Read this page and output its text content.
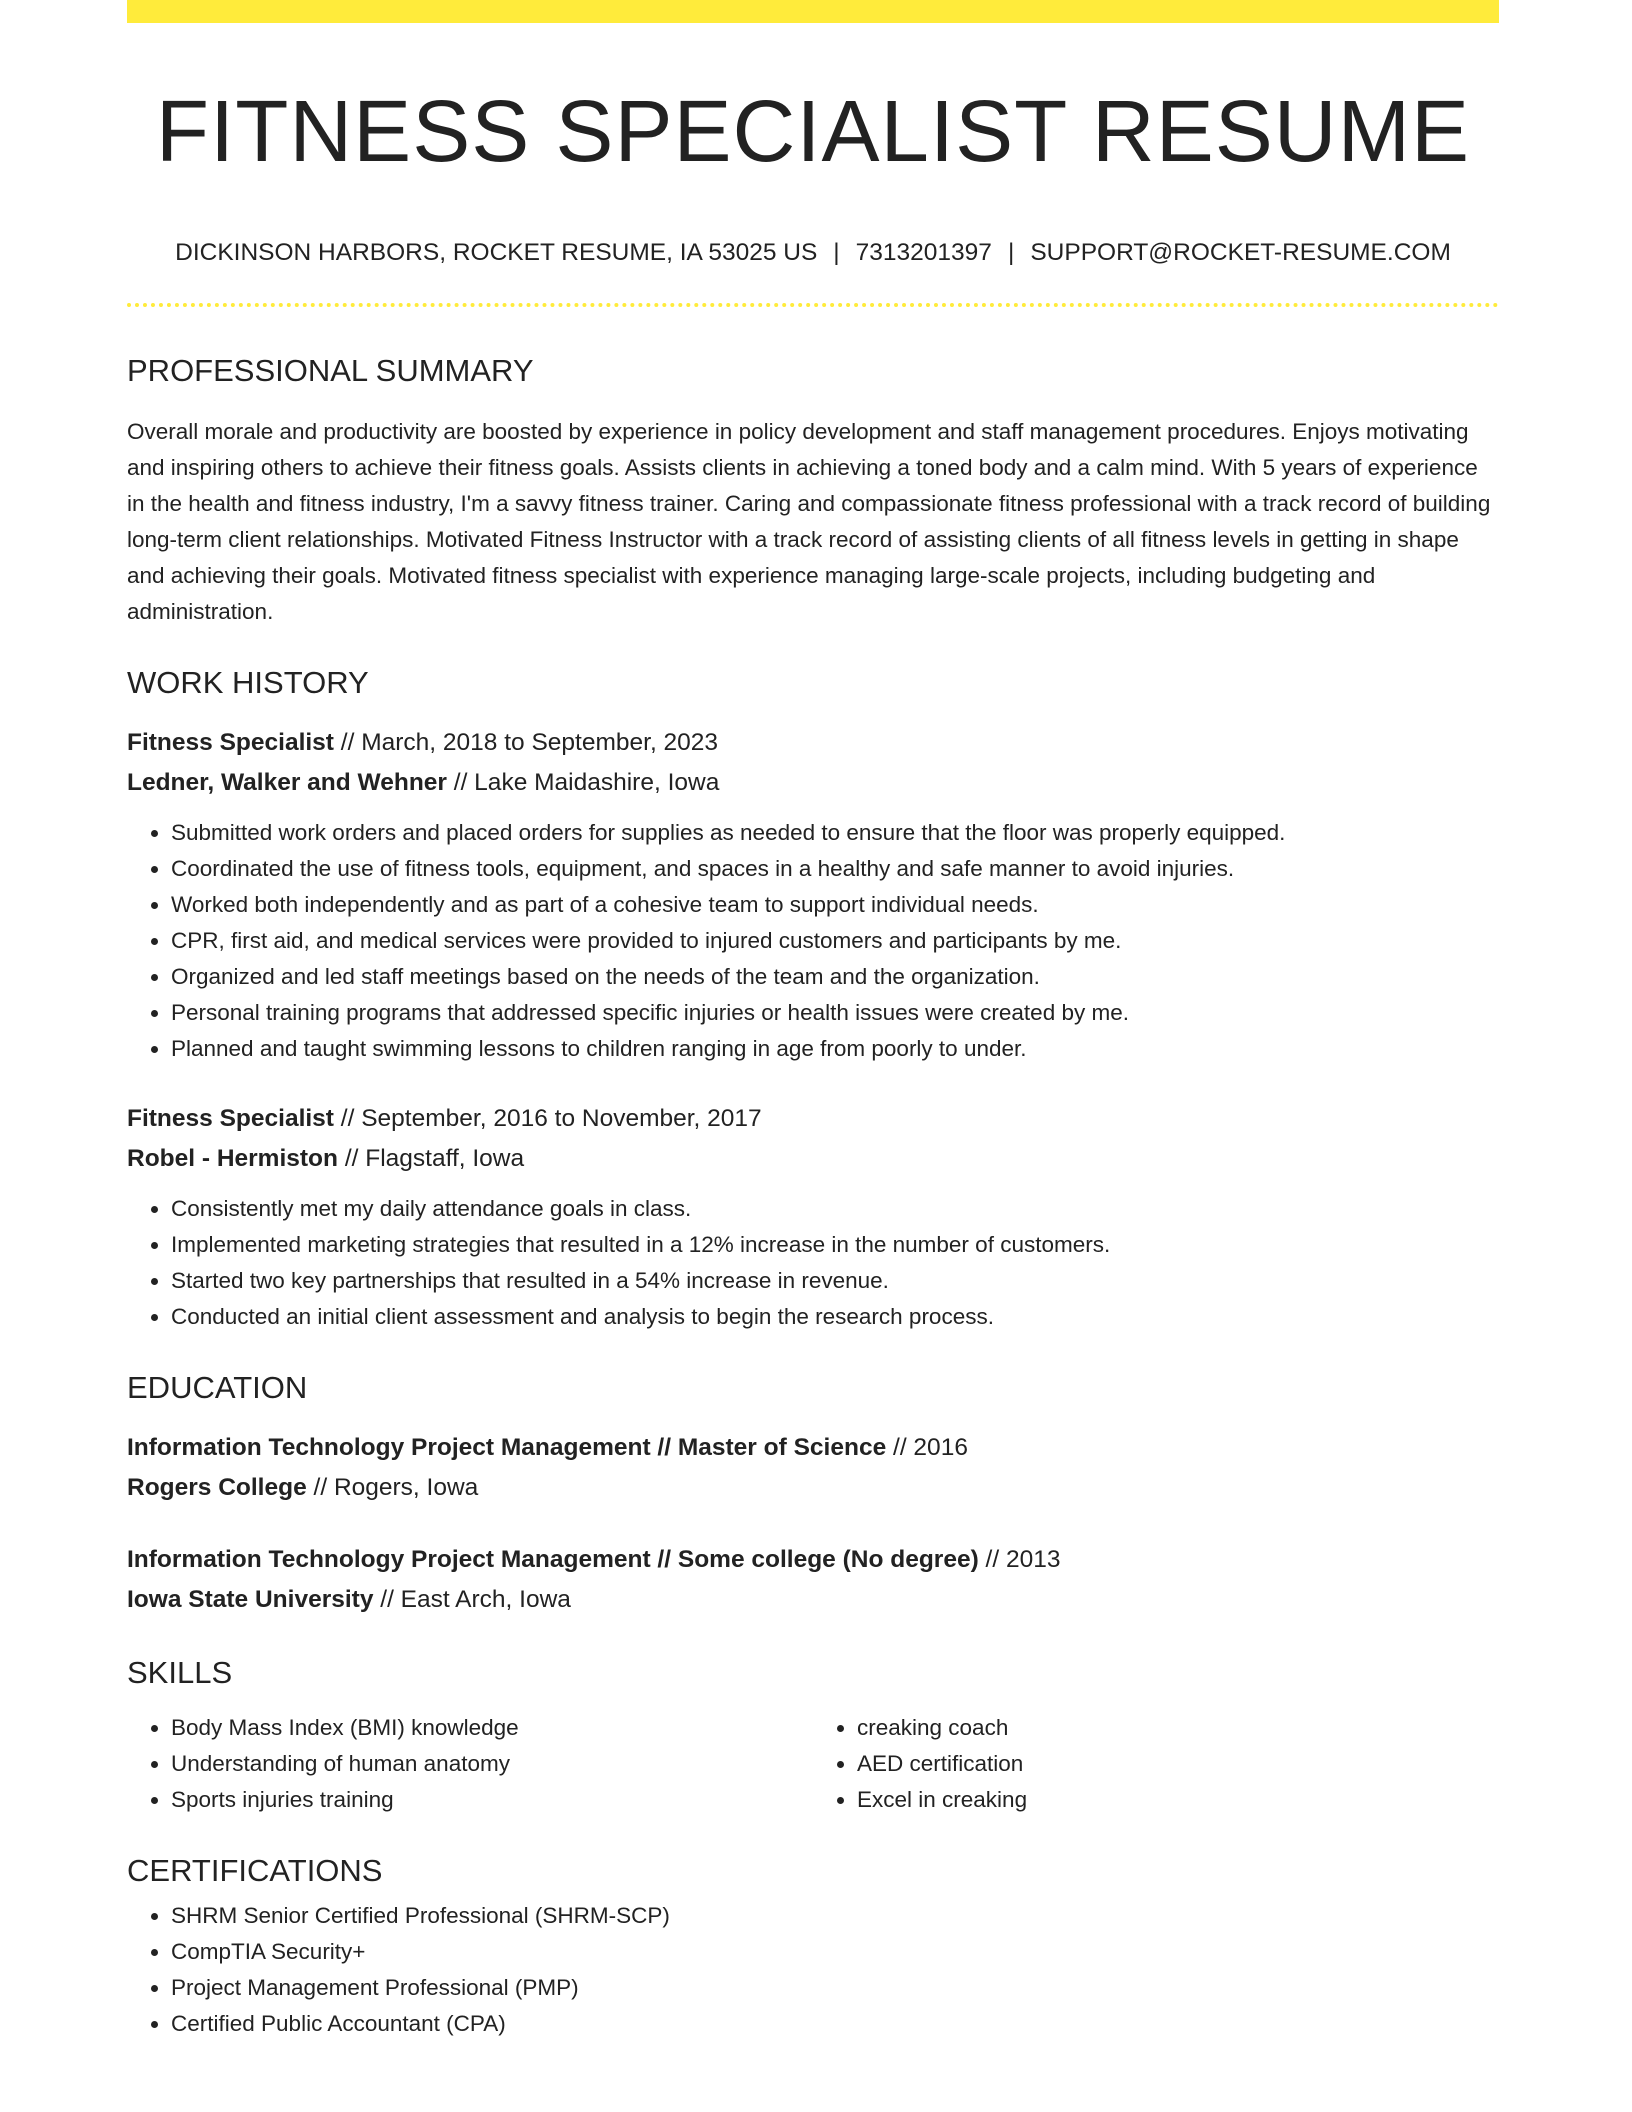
FITNESS SPECIALIST RESUME
DICKINSON HARBORS, ROCKET RESUME, IA 53025 US | 7313201397 | SUPPORT@ROCKET-RESUME.COM
PROFESSIONAL SUMMARY

Overall morale and productivity are boosted by experience in policy development and staff management procedures. Enjoys motivating and inspiring others to achieve their fitness goals. Assists clients in achieving a toned body and a calm mind. With 5 years of experience in the health and fitness industry, I'm a savvy fitness trainer. Caring and compassionate fitness professional with a track record of building long-term client relationships. Motivated Fitness Instructor with a track record of assisting clients of all fitness levels in getting in shape and achieving their goals. Motivated fitness specialist with experience managing large-scale projects, including budgeting and administration.

WORK HISTORY
Fitness Specialist // March, 2018 to September, 2023
Ledner, Walker and Wehner // Lake Maidashire, Iowa
• Submitted work orders and placed orders for supplies as needed to ensure that the floor was properly equipped.
• Coordinated the use of fitness tools, equipment, and spaces in a healthy and safe manner to avoid injuries.
• Worked both independently and as part of a cohesive team to support individual needs.
• CPR, first aid, and medical services were provided to injured customers and participants by me.
• Organized and led staff meetings based on the needs of the team and the organization.
• Personal training programs that addressed specific injuries or health issues were created by me.
• Planned and taught swimming lessons to children ranging in age from poorly to under.
Fitness Specialist // September, 2016 to November, 2017
Robel - Hermiston // Flagstaff, Iowa
• Consistently met my daily attendance goals in class.
• Implemented marketing strategies that resulted in a 12% increase in the number of customers.
• Started two key partnerships that resulted in a 54% increase in revenue.
• Conducted an initial client assessment and analysis to begin the research process.
EDUCATION
Information Technology Project Management // Master of Science // 2016
Rogers College // Rogers, Iowa
Information Technology Project Management // Some college (No degree) // 2013
Iowa State University // East Arch, Iowa
SKILLS
• Body Mass Index (BMI) knowledge
• Understanding of human anatomy
• Sports injuries training
• creaking coach
• AED certification
• Excel in creaking
CERTIFICATIONS
• SHRM Senior Certified Professional (SHRM-SCP)
• CompTIA Security+
• Project Management Professional (PMP)
• Certified Public Accountant (CPA)
